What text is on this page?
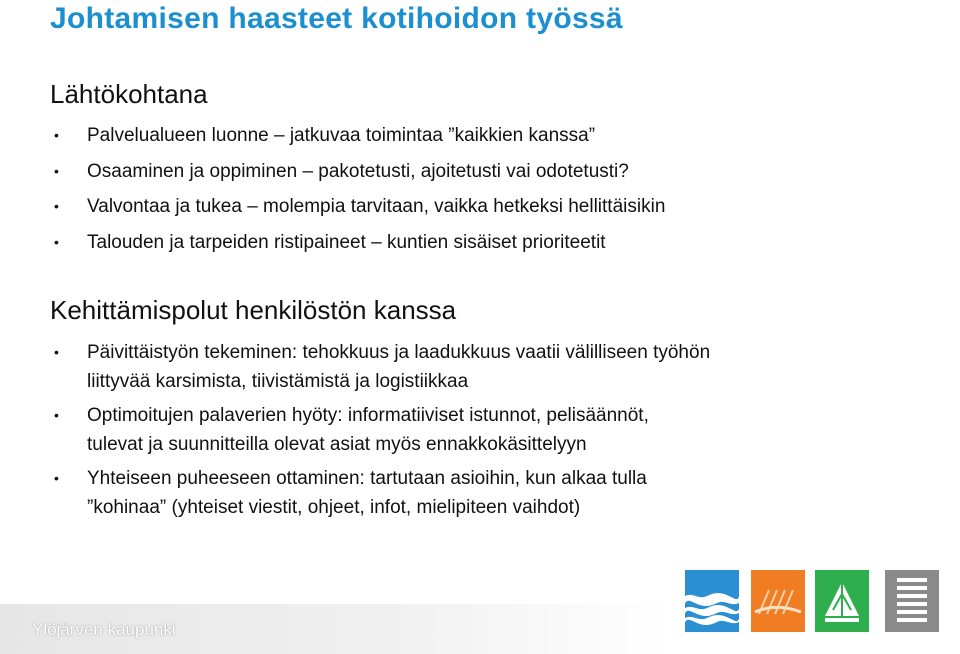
Johtamisen haasteet kotihoidon työssä
Lähtökohtana
• Palvelualueen luonne – jatkuvaa toimintaa ”kaikkien kanssa”
• Osaaminen ja oppiminen – pakotetusti, ajoitetusti vai odotetusti?
• Valvontaa ja tukea – molempia tarvitaan, vaikka hetkeksi hellittäisikin
• Talouden ja tarpeiden ristipaineet – kuntien sisäiset prioriteetit
Kehittämispolut henkilöstön kanssa
• Päivittäistyön tekeminen: tehokkuus ja laadukkuus vaatii välilliseen työhön
liittyvää karsimista, tiivistämistä ja logistiikkaa
• Optimoitujen palaverien hyöty: informatiiviset istunnot, pelisäännöt,
tulevat ja suunnitteilla olevat asiat myös ennakkokäsittelyyn
• Yhteiseen puheeseen ottaminen: tartutaan asioihin, kun alkaa tulla
”kohinaa” (yhteiset viestit, ohjeet, infot, mielipiteen vaihdot)
Ylöjärven kaupunki
